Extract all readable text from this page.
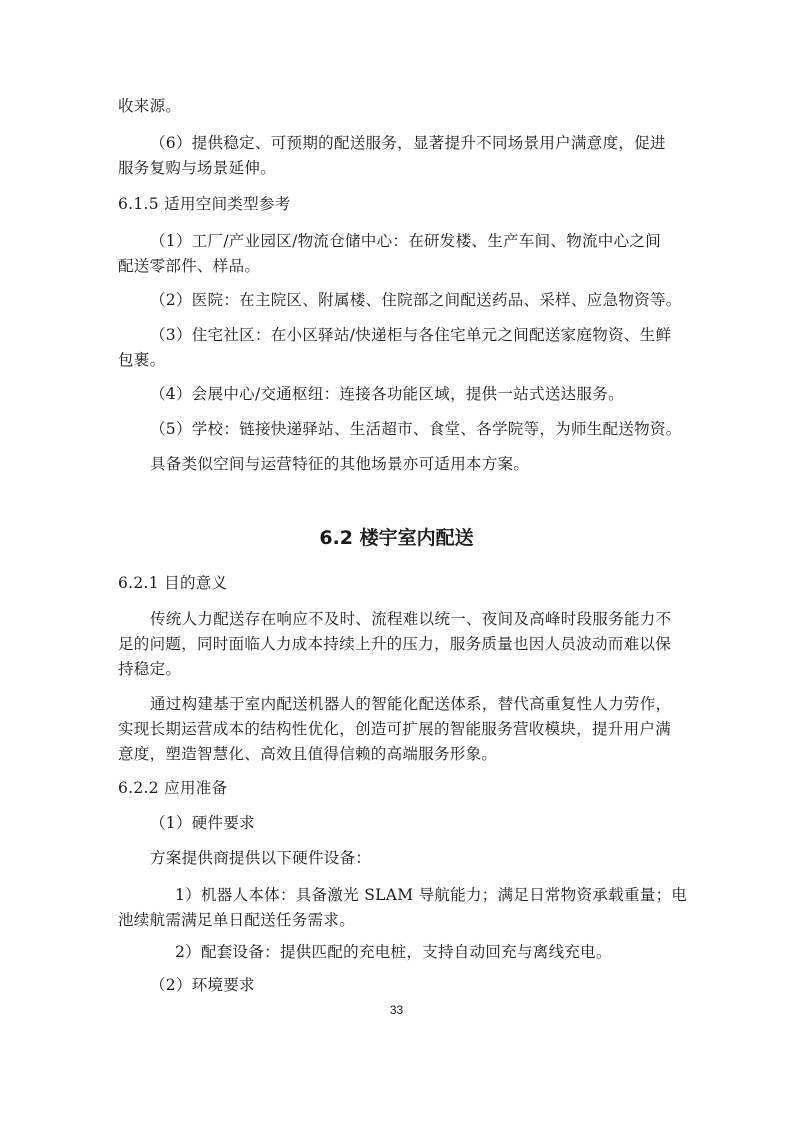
收来源。
（6）提供稳定、可预期的配送服务，显著提升不同场景用户满意度，促进
服务复购与场景延伸。
6.1.5 适用空间类型参考
（1）工厂/产业园区/物流仓储中心：在研发楼、生产车间、物流中心之间
配送零部件、样品。
（2）医院：在主院区、附属楼、住院部之间配送药品、采样、应急物资等。
（3）住宅社区：在小区驿站/快递柜与各住宅单元之间配送家庭物资、生鲜
包裹。
（4）会展中心/交通枢纽：连接各功能区域，提供一站式送达服务。
（5）学校：链接快递驿站、生活超市、食堂、各学院等，为师生配送物资。
具备类似空间与运营特征的其他场景亦可适用本方案。
6.2 楼宇室内配送
6.2.1 目的意义
传统人力配送存在响应不及时、流程难以统一、夜间及高峰时段服务能力不
足的问题，同时面临人力成本持续上升的压力，服务质量也因人员波动而难以保
持稳定。
通过构建基于室内配送机器人的智能化配送体系，替代高重复性人力劳作，
实现长期运营成本的结构性优化，创造可扩展的智能服务营收模块，提升用户满
意度，塑造智慧化、高效且值得信赖的高端服务形象。
6.2.2 应用准备
（1）硬件要求
方案提供商提供以下硬件设备：
1）机器人本体：具备激光 SLAM 导航能力；满足日常物资承载重量；电
池续航需满足单日配送任务需求。
2）配套设备：提供匹配的充电桩，支持自动回充与离线充电。
（2）环境要求
33
